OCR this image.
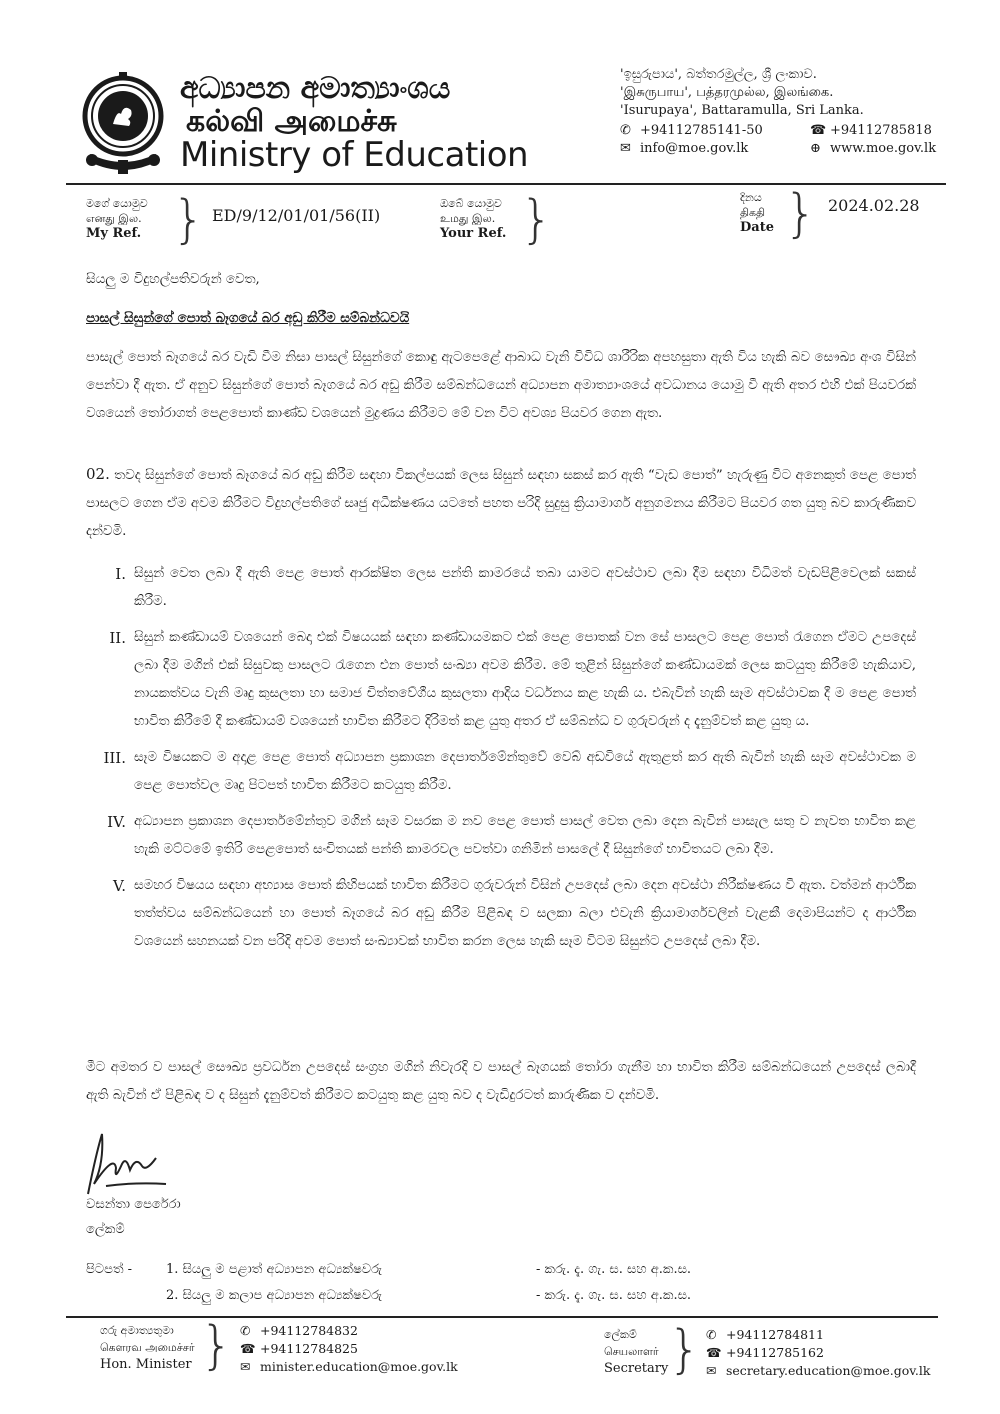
අධ්‍යාපන අමාත්‍යාංශය
கல்வி அமைச்சு
Ministry of Education
'ඉසුරුපාය', බත්තරමුල්ල, ශ්‍රී ලංකාව.
'இசுருபாய', பத்தரமுல்ல, இலங்கை.
'Isurupaya', Battaramulla, Sri Lanka.
✆ +94112785141-50	☎ +94112785818
✉ info@moe.gov.lk	⊕ www.moe.gov.lk
මගේ යොමුව
எனது இல.
My Ref. } ED/9/12/01/01/56(II)
ඔබේ යොමුව
உமது இல.
Your Ref. }	දිනය
திகதி
Date } 2024.02.28
සියලු ම විදුහල්පතිවරුන් වෙත,
පාසල් සිසුන්ගේ පොත් බෑගයේ බර අඩු කිරීම සම්බන්ධවයි
පාසැල් පොත් බෑගයේ බර වැඩි වීම නිසා පාසල් සිසුන්ගේ කොඳු ඇටපෙළේ ආබාධ වැනි විවිධ ශාරීරික අපහසුතා ඇති විය හැකි බව සෞඛ්‍ය අංශ විසින් පෙන්වා දී ඇත. ඒ අනුව සිසුන්ගේ පොත් බෑගයේ බර අඩු කිරීම සම්බන්ධයෙන් අධ්‍යාපන අමාත්‍යාංශයේ අවධානය යොමු වී ඇති අතර එහි එක් පියවරක් වශයෙන් තෝරාගත් පෙළපොත් කාණ්ඩ වශයෙන් මුද්‍රණය කිරීමට මේ වන විට අවශ්‍ය පියවර ගෙන ඇත.
02. තවද සිසුන්ගේ පොත් බෑගයේ බර අඩු කිරීම සඳහා විකල්පයක් ලෙස සිසුන් සඳහා සකස් කර ඇති “වැඩ පොත්” හැරුණු විට අනෙකුත් පෙළ පොත් පාසලට ගෙන ඒම අවම කිරීමට විදුහල්පතිගේ සෘජු අධීක්ෂණය යටතේ පහත පරිදි සුදුසු ක්‍රියාමාර්ග අනුගමනය කිරීමට පියවර ගත යුතු බව කාරුණිකව දන්වමි.
I. සිසුන් වෙත ලබා දී ඇති පෙළ පොත් ආරක්ෂිත ලෙස පන්ති කාමරයේ තබා යාමට අවස්ථාව ලබා දීම සඳහා විධිමත් වැඩපිළිවෙලක් සකස් කිරීම.
II. සිසුන් කණ්ඩායම් වශයෙන් බෙදා එක් විෂයයක් සඳහා කණ්ඩායමකට එක් පෙළ පොතක් වන සේ පාසලට පෙළ පොත් රැගෙන ඒමට උපදෙස් ලබා දීම මගින් එක් සිසුවකු පාසලට රැගෙන එන පොත් සංඛ්‍යා අවම කිරීම. මේ තුළින් සිසුන්ගේ කණ්ඩායමක් ලෙස කටයුතු කිරීමේ හැකියාව, නායකත්වය වැනි මෘදු කුසලතා හා සමාජ චිත්තවේගීය කුසලතා ආදිය වර්ධනය කළ හැකි ය. එබැවින් හැකි සෑම අවස්ථාවක දී ම පෙළ පොත් භාවිත කිරීමේ දී කණ්ඩායම් වශයෙන් භාවිත කිරීමට දිරිමත් කළ යුතු අතර ඒ සම්බන්ධ ව ගුරුවරුන් ද දැනුම්වත් කළ යුතු ය.
III. සෑම විෂයකට ම අදාළ පෙළ පොත් අධ්‍යාපන ප්‍රකාශන දෙපාර්තමේන්තුවේ වෙබ් අඩවියේ ඇතුළත් කර ඇති බැවින් හැකි සෑම අවස්ථාවක ම පෙළ පොත්වල මෘදු පිටපත් භාවිත කිරීමට කටයුතු කිරීම.
IV. අධ්‍යාපන ප්‍රකාශන දෙපාර්තමේන්තුව මගින් සෑම වසරක ම නව පෙළ පොත් පාසල් වෙත ලබා දෙන බැවින් පාසැල සතු ව නැවත භාවිත කළ හැකි මට්ටමේ ඉතිරි පෙළපොත් සංචිතයක් පන්ති කාමරවල පවත්වා ගනිමින් පාසලේ දී සිසුන්ගේ භාවිතයට ලබා දීම.
V. සමහර විෂයය සඳහා අභ්‍යාස පොත් කිහිපයක් භාවිත කිරීමට ගුරුවරුන් විසින් උපදෙස් ලබා දෙන අවස්ථා නිරීක්ෂණය වී ඇත. වත්මන් ආර්ථික තත්ත්වය සම්බන්ධයෙන් හා පොත් බෑගයේ බර අඩු කිරීම පිළිබඳ ව සලකා බලා එවැනි ක්‍රියාමාර්ගවලින් වැළකී දෙමාපියන්ට ද ආර්ථික වශයෙන් සහනයක් වන පරිදි අවම පොත් සංඛ්‍යාවක් භාවිත කරන ලෙස හැකි සෑම විටම සිසුන්ට උපදෙස් ලබා දීම.
මීට අමතර ව පාසල් සෞඛ්‍ය ප්‍රවර්ධන උපදෙස් සංග්‍රහ මගින් නිවැරදි ව පාසල් බෑගයක් තෝරා ගැනීම හා භාවිත කිරීම සම්බන්ධයෙන් උපදෙස් ලබාදී ඇති බැවින් ඒ පිළිබඳ ව ද සිසුන් දැනුම්වත් කිරීමට කටයුතු කළ යුතු බව ද වැඩිදුරටත් කාරුණික ව දන්වමි.
වසන්තා පෙරේරා
ලේකම්
පිටපත් -	1. සියලු ම පළාත් අධ්‍යාපන අධ්‍යක්ෂවරු	- කරු. දැ. ගැ. ස. සහ අ.ක.ස.
2. සියලු ම කලාප අධ්‍යාපන අධ්‍යක්ෂවරු	- කරු. දැ. ගැ. ස. සහ අ.ක.ස.
ගරු අමාත්‍යතුමා
கௌரவ அமைச்சர்
Hon. Minister } ✆ +94112784832
☎ +94112784825
✉ minister.education@moe.gov.lk
ලේකම්
செயலாளர்
Secretary } ✆ +94112784811
☎ +94112785162
✉ secretary.education@moe.gov.lk
